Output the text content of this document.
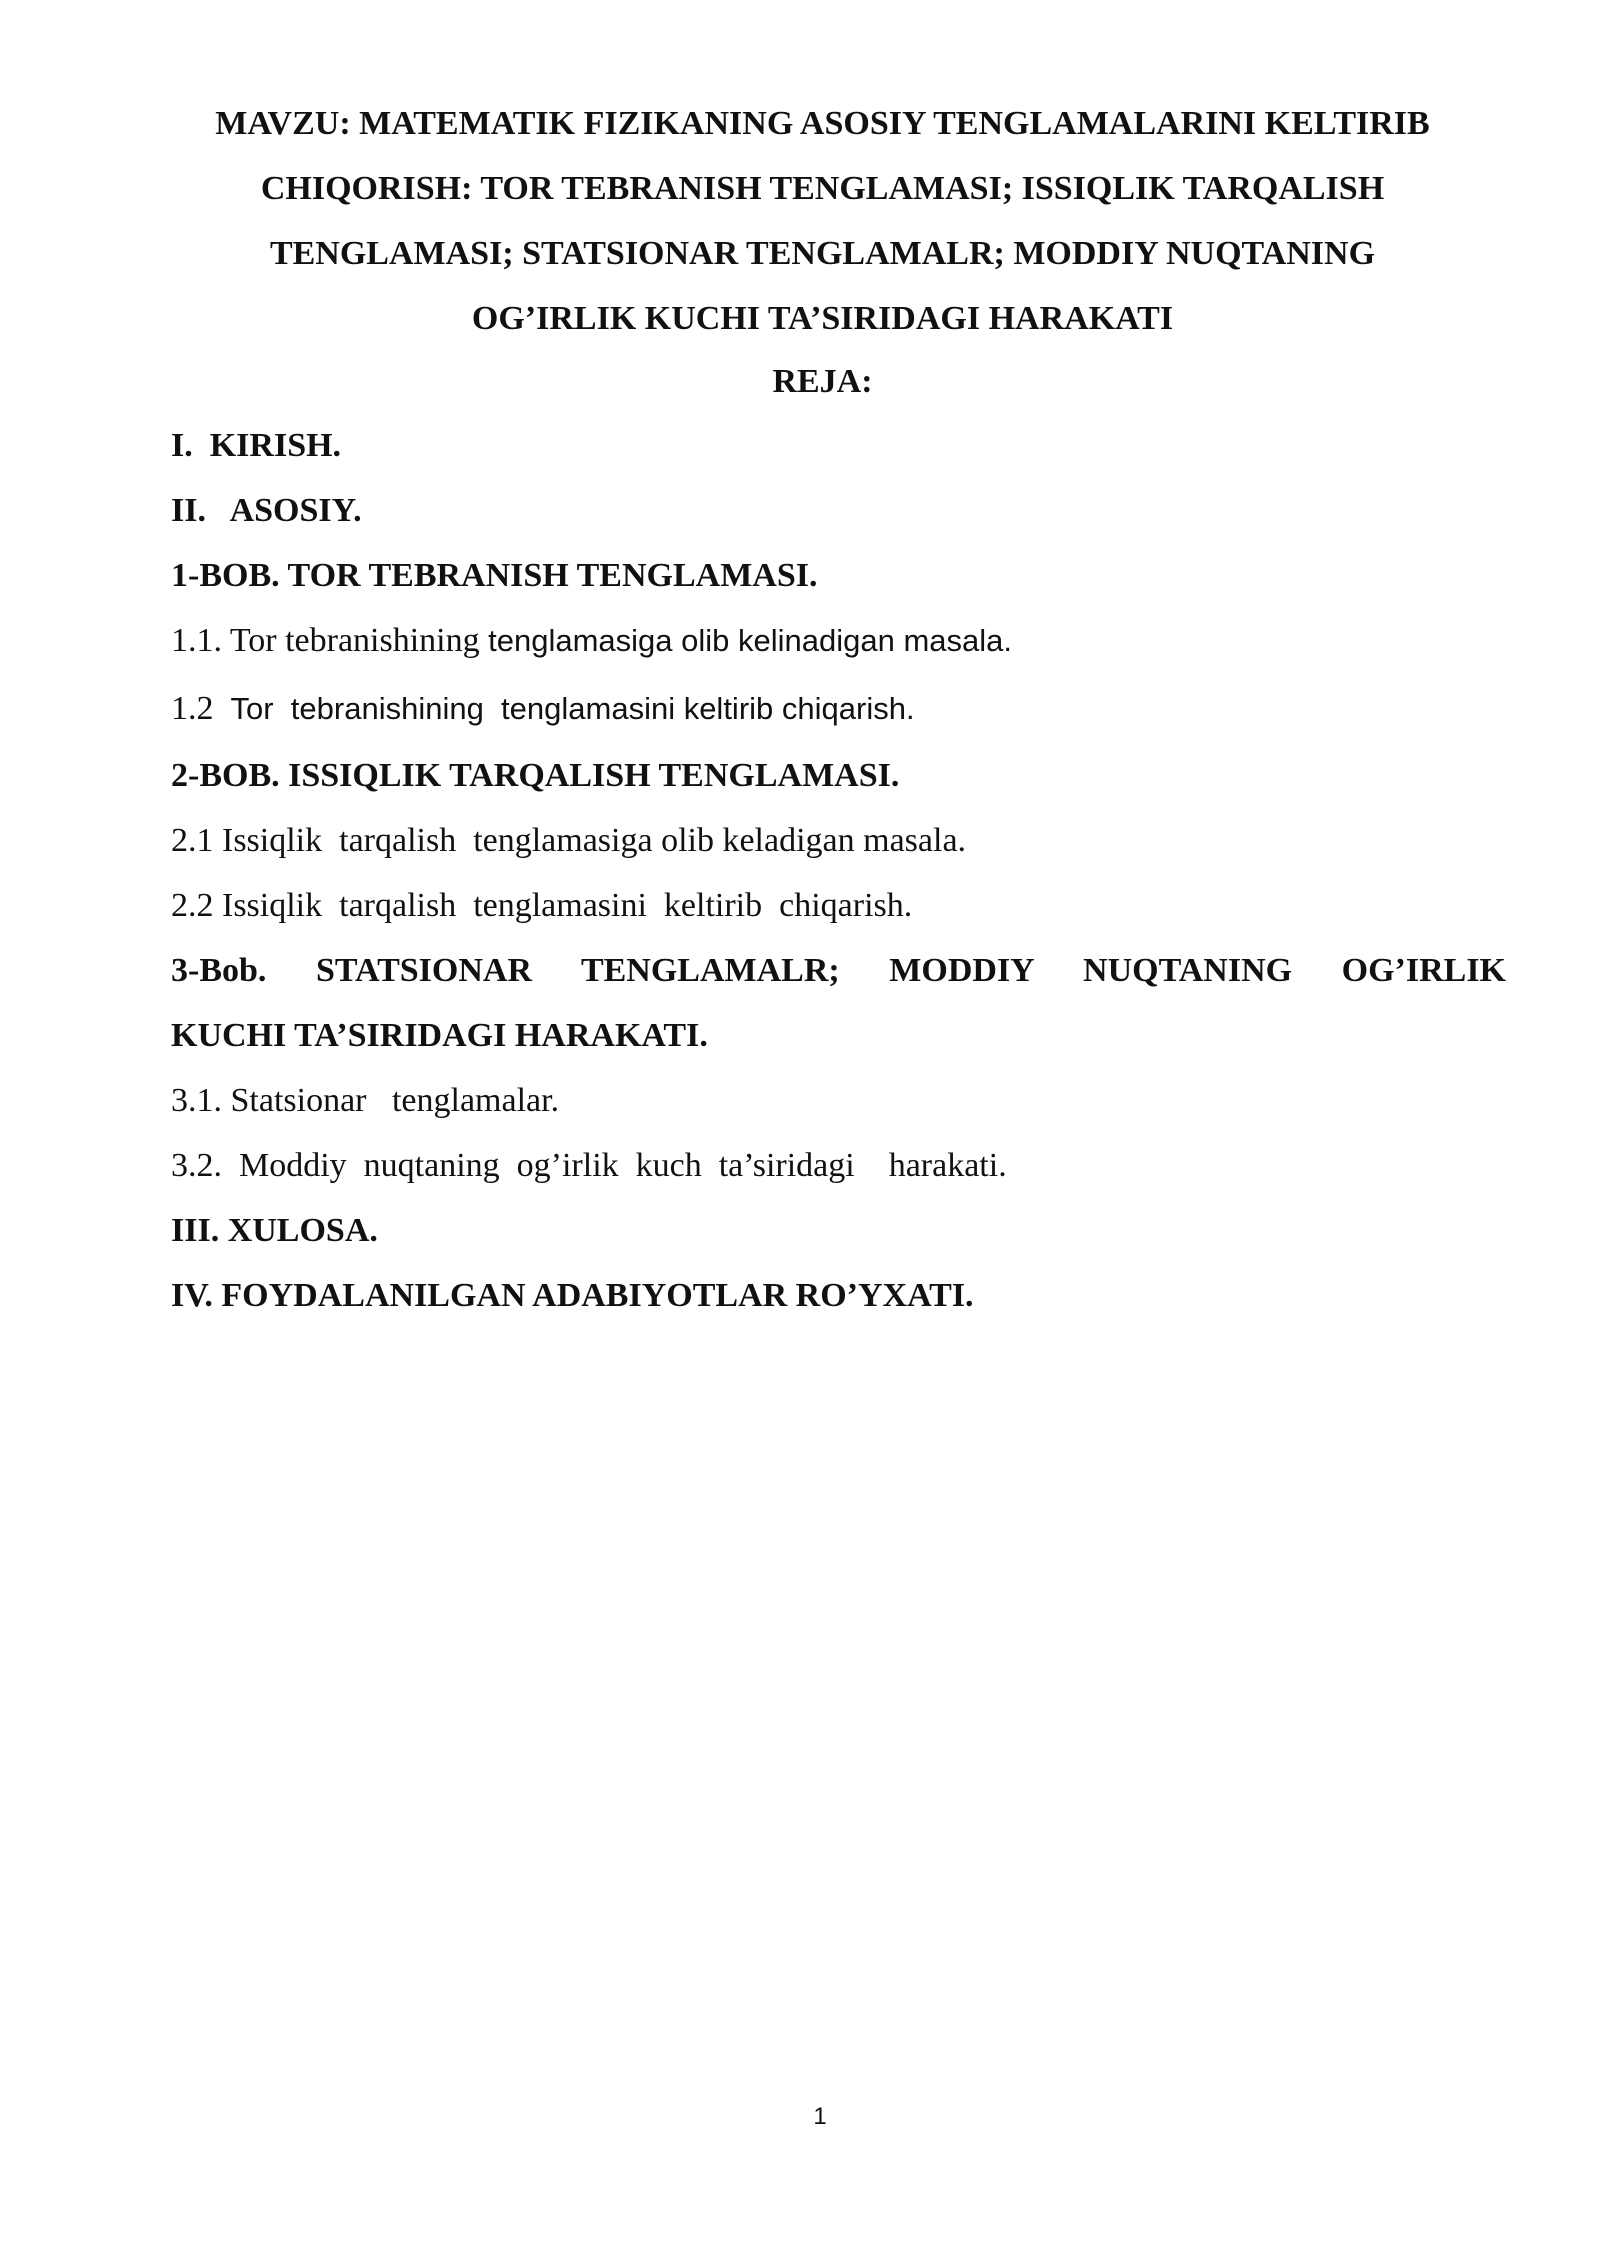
MAVZU: MATEMATIK FIZIKANING ASOSIY TENGLAMALARINI KELTIRIB
CHIQORISH: TOR TEBRANISH TENGLAMASI; ISSIQLIK TARQALISH
TENGLAMASI; STATSIONAR TENGLAMALR; MODDIY NUQTANING
OG’IRLIK KUCHI TA’SIRIDAGI HARAKATI

REJA:

I.  KIRISH.

II.   ASOSIY.

1-BOB. TOR TEBRANISH TENGLAMASI.

1.1. Tor tebranishining tenglamasiga olib kelinadigan masala.

1.2  Tor  tebranishining  tenglamasini keltirib chiqarish.

2-BOB. ISSIQLIK TARQALISH TENGLAMASI.

2.1 Issiqlik  tarqalish  tenglamasiga olib keladigan masala.

2.2 Issiqlik  tarqalish  tenglamasini  keltirib  chiqarish.

3-Bob. STATSIONAR TENGLAMALR; MODDIY NUQTANING OG’IRLIK

KUCHI TA’SIRIDAGI HARAKATI.

3.1. Statsionar   tenglamalar.

3.2.  Moddiy  nuqtaning  og’irlik  kuch  ta’siridagi    harakati.

III. XULOSA.

IV. FOYDALANILGAN ADABIYOTLAR RO’YXATI.

1
